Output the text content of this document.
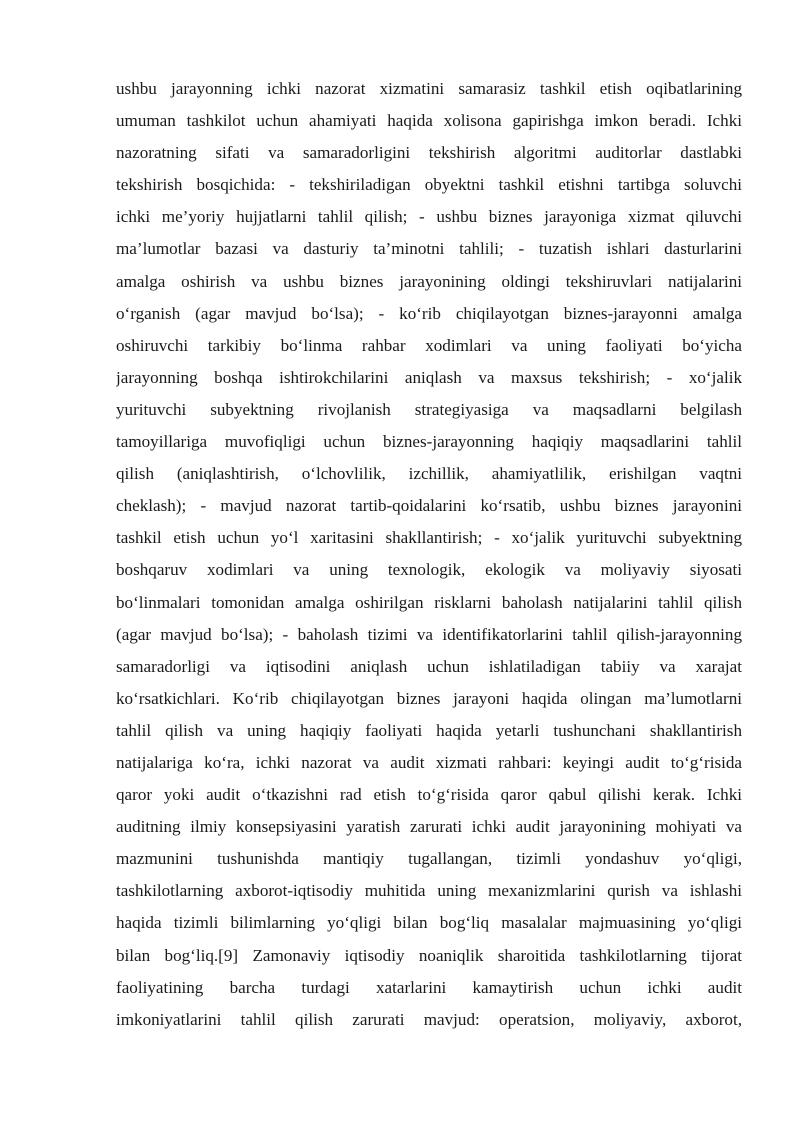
ushbu jarayonning ichki nazorat xizmatini samarasiz tashkil etish oqibatlarining
umuman tashkilot uchun ahamiyati haqida xolisona gapirishga imkon beradi. Ichki
nazoratning sifati va samaradorligini tekshirish algoritmi auditorlar dastlabki
tekshirish bosqichida: - tekshiriladigan obyektni tashkil etishni tartibga soluvchi
ichki me’yoriy hujjatlarni tahlil qilish; - ushbu biznes jarayoniga xizmat qiluvchi
ma’lumotlar bazasi va dasturiy ta’minotni tahlili; - tuzatish ishlari dasturlarini
amalga oshirish va ushbu biznes jarayonining oldingi tekshiruvlari natijalarini
o‘rganish (agar mavjud bo‘lsa); - ko‘rib chiqilayotgan biznes-jarayonni amalga
oshiruvchi tarkibiy bo‘linma rahbar xodimlari va uning faoliyati bo‘yicha
jarayonning boshqa ishtirokchilarini aniqlash va maxsus tekshirish; - xo‘jalik
yurituvchi subyektning rivojlanish strategiyasiga va maqsadlarni belgilash
tamoyillariga muvofiqligi uchun biznes-jarayonning haqiqiy maqsadlarini tahlil
qilish (aniqlashtirish, o‘lchovlilik, izchillik, ahamiyatlilik, erishilgan vaqtni
cheklash); - mavjud nazorat tartib-qoidalarini ko‘rsatib, ushbu biznes jarayonini
tashkil etish uchun yo‘l xaritasini shakllantirish; - xo‘jalik yurituvchi subyektning
boshqaruv xodimlari va uning texnologik, ekologik va moliyaviy siyosati
bo‘linmalari tomonidan amalga oshirilgan risklarni baholash natijalarini tahlil qilish
(agar mavjud bo‘lsa); - baholash tizimi va identifikatorlarini tahlil qilish-jarayonning
samaradorligi va iqtisodini aniqlash uchun ishlatiladigan tabiiy va xarajat
ko‘rsatkichlari. Ko‘rib chiqilayotgan biznes jarayoni haqida olingan ma’lumotlarni
tahlil qilish va uning haqiqiy faoliyati haqida yetarli tushunchani shakllantirish
natijalariga ko‘ra, ichki nazorat va audit xizmati rahbari: keyingi audit to‘g‘risida
qaror yoki audit o‘tkazishni rad etish to‘g‘risida qaror qabul qilishi kerak. Ichki
auditning ilmiy konsepsiyasini yaratish zarurati ichki audit jarayonining mohiyati va
mazmunini tushunishda mantiqiy tugallangan, tizimli yondashuv yo‘qligi,
tashkilotlarning axborot-iqtisodiy muhitida uning mexanizmlarini qurish va ishlashi
haqida tizimli bilimlarning yo‘qligi bilan bog‘liq masalalar majmuasining yo‘qligi
bilan bog‘liq.[9] Zamonaviy iqtisodiy noaniqlik sharoitida tashkilotlarning tijorat
faoliyatining barcha turdagi xatarlarini kamaytirish uchun ichki audit
imkoniyatlarini tahlil qilish zarurati mavjud: operatsion, moliyaviy, axborot,
